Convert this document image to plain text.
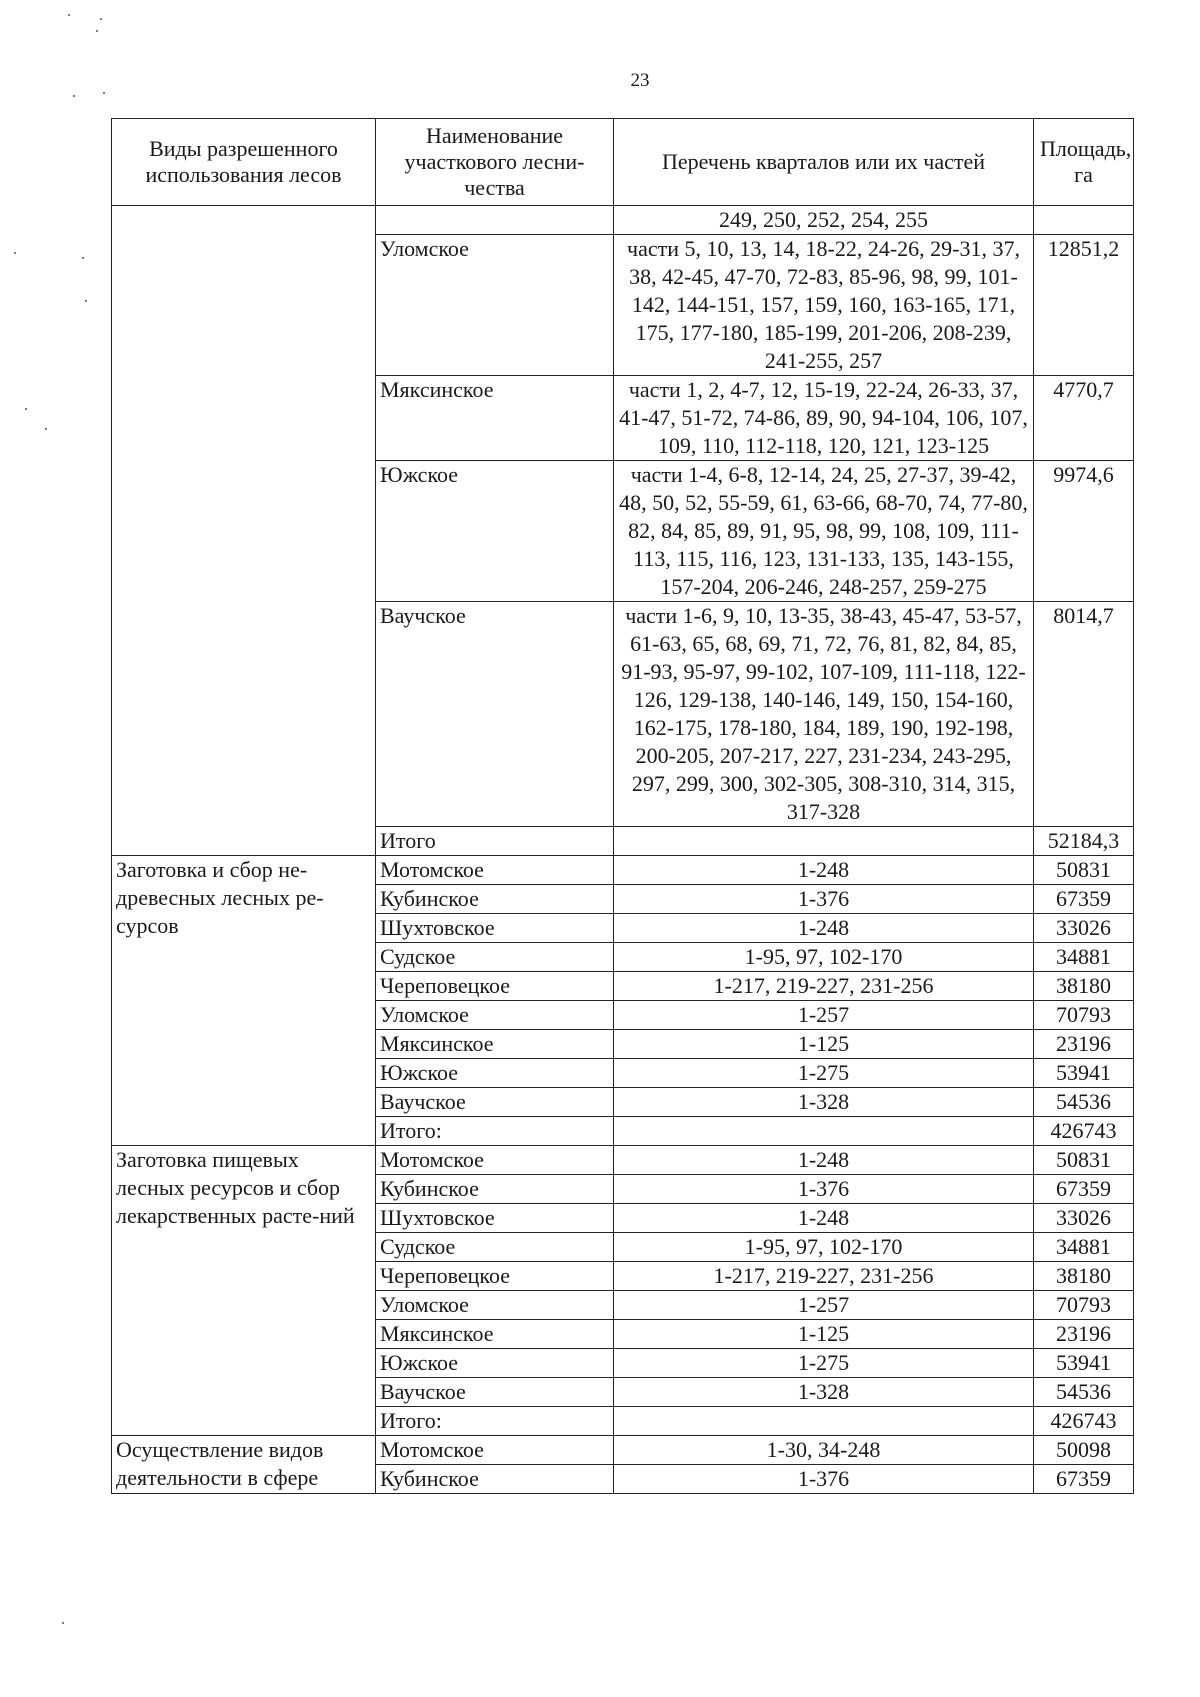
23
Виды разрешенного использования лесов	Наименование участкового лесни-чества	Перечень кварталов или их частей	Площадь, га
		249, 250, 252, 254, 255	
	Уломское	части 5, 10, 13, 14, 18-22, 24-26, 29-31, 37, 38, 42-45, 47-70, 72-83, 85-96, 98, 99, 101-142, 144-151, 157, 159, 160, 163-165, 171, 175, 177-180, 185-199, 201-206, 208-239, 241-255, 257	12851,2
	Мяксинское	части 1, 2, 4-7, 12, 15-19, 22-24, 26-33, 37, 41-47, 51-72, 74-86, 89, 90, 94-104, 106, 107, 109, 110, 112-118, 120, 121, 123-125	4770,7
	Южское	части 1-4, 6-8, 12-14, 24, 25, 27-37, 39-42, 48, 50, 52, 55-59, 61, 63-66, 68-70, 74, 77-80, 82, 84, 85, 89, 91, 95, 98, 99, 108, 109, 111-113, 115, 116, 123, 131-133, 135, 143-155, 157-204, 206-246, 248-257, 259-275	9974,6
	Ваучское	части 1-6, 9, 10, 13-35, 38-43, 45-47, 53-57, 61-63, 65, 68, 69, 71, 72, 76, 81, 82, 84, 85, 91-93, 95-97, 99-102, 107-109, 111-118, 122-126, 129-138, 140-146, 149, 150, 154-160, 162-175, 178-180, 184, 189, 190, 192-198, 200-205, 207-217, 227, 231-234, 243-295, 297, 299, 300, 302-305, 308-310, 314, 315, 317-328	8014,7
	Итого		52184,3
Заготовка и сбор не-древесных лесных ре-сурсов	Мотомское	1-248	50831
	Кубинское	1-376	67359
	Шухтовское	1-248	33026
	Судское	1-95, 97, 102-170	34881
	Череповецкое	1-217, 219-227, 231-256	38180
	Уломское	1-257	70793
	Мяксинское	1-125	23196
	Южское	1-275	53941
	Ваучское	1-328	54536
	Итого:		426743
Заготовка пищевых лесных ресурсов и сбор лекарственных расте-ний	Мотомское	1-248	50831
	Кубинское	1-376	67359
	Шухтовское	1-248	33026
	Судское	1-95, 97, 102-170	34881
	Череповецкое	1-217, 219-227, 231-256	38180
	Уломское	1-257	70793
	Мяксинское	1-125	23196
	Южское	1-275	53941
	Ваучское	1-328	54536
	Итого:		426743
Осуществление видов деятельности в сфере	Мотомское	1-30, 34-248	50098
	Кубинское	1-376	67359
